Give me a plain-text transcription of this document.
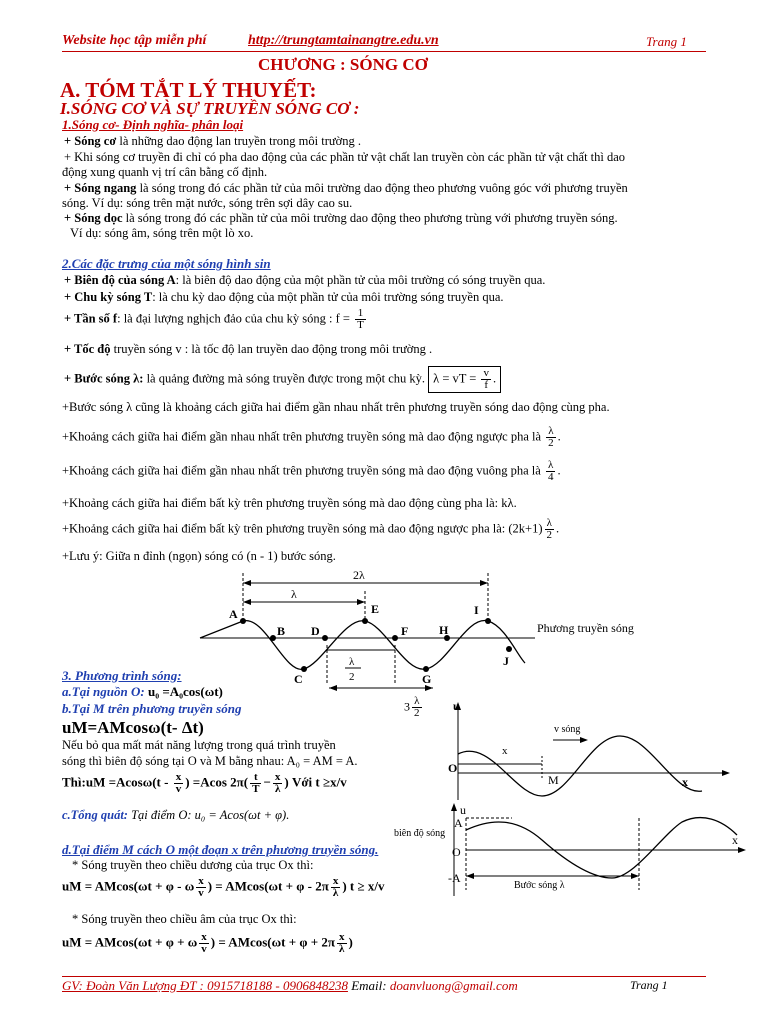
Website học tập miễn phí	http://trungtamtainangtre.edu.vn	Trang 1
CHƯƠNG : SÓNG CƠ
A. TÓM TẮT LÝ THUYẾT:
I.SÓNG CƠ VÀ SỰ TRUYỀN SÓNG CƠ :
1.Sóng cơ- Định nghĩa- phân loại
+ Sóng cơ là những dao động lan truyền trong môi trường .
+ Khi sóng cơ truyền đi chỉ có pha dao động của các phần tử vật chất lan truyền còn các phần tử vật chất thì dao
động xung quanh vị trí cân bằng cố định.
+ Sóng ngang là sóng trong đó các phần tử của môi trường dao động theo phương vuông góc với phương truyền
sóng. Ví dụ: sóng trên mặt nước, sóng trên sợi dây cao su.
+ Sóng dọc là sóng trong đó các phần tử của môi trường dao động theo phương trùng với phương truyền sóng.
Ví dụ: sóng âm, sóng trên một lò xo.
2.Các đặc trưng của một sóng hình sin
+ Biên độ của sóng A: là biên độ dao động của một phần tử của môi trường có sóng truyền qua.
+ Chu kỳ sóng T: là chu kỳ dao động của một phần tử của môi trường sóng truyền qua.
+ Tần số f: là đại lượng nghịch đảo của chu kỳ sóng : $f = \frac{1}{T}$
+ Tốc độ truyền sóng v : là tốc độ lan truyền dao động trong môi trường .
+ Bước sóng λ: là quảng đường mà sóng truyền được trong một chu kỳ. λ = vT = $\frac{v}{f}$ .
+Bước sóng λ cũng là khoảng cách giữa hai điểm gần nhau nhất trên phương truyền sóng dao động cùng pha.
+Khoảng cách giữa hai điểm gần nhau nhất trên phương truyền sóng mà dao động ngược pha là $\frac{\lambda}{2}$ .
+Khoảng cách giữa hai điểm gần nhau nhất trên phương truyền sóng mà dao động vuông pha là $\frac{\lambda}{4}$ .
+Khoảng cách giữa hai điểm bất kỳ trên phương truyền sóng mà dao động cùng pha là: kλ.
+Khoảng cách giữa hai điểm bất kỳ trên phương truyền sóng mà dao động ngược pha là: $(2k+1) \frac{\lambda}{2}$ .
+Lưu ý: Giữa n đỉnh (ngọn) sóng có (n - 1) bước sóng.
2λ
λ
Phương truyền sóng
λ
2
A
B
C
D
E
F
G
H
I
J
3. Phương trình sóng:
a.Tại nguồn O: u₀ =A₀cos(ωt)
b.Tại M trên phương truyền sóng
uM=AMcosω(t- Δt)
Nếu bỏ qua mất mát năng lượng trong quá trình truyền
sóng thì biên độ sóng tại O và M bằng nhau: A₀ = AM = A.
Thì:uM $=Acos\omega(t - \frac{x}{v}$ ) =Acos $2\pi( \frac{t}{T} - \frac{x}{\lambda}$ ) Với t ≥x/v
u
x
O
x
M
v sóng
c.Tổng quát: Tại điểm O: u₀ = Acos(ωt + φ).
d.Tại điểm M cách O một đoạn x trên phương truyền sóng.
* Sóng truyền theo chiều dương của trục Ox thì:
uM = AMcos(ωt + φ - ω $\frac{x}{v}$ ) = $AMcos(\omega t + \varphi - 2\pi \frac{x}{\lambda}$ ) t ≥ x/v
* Sóng truyền theo chiều âm của trục Ox thì:
uM = AMcos(ωt + φ + ω $\frac{x}{v}$ ) = $AMcos(\omega t + \varphi + 2\pi \frac{x}{\lambda}$ )
u
biên độ sóng
A
O
-A
x
Bước sóng λ
$3 \frac{\lambda}{2}$
GV: Đoàn Văn Lượng ĐT : 0915718188 - 0906848238 Email: doanvluong@gmail.com	Trang 1
